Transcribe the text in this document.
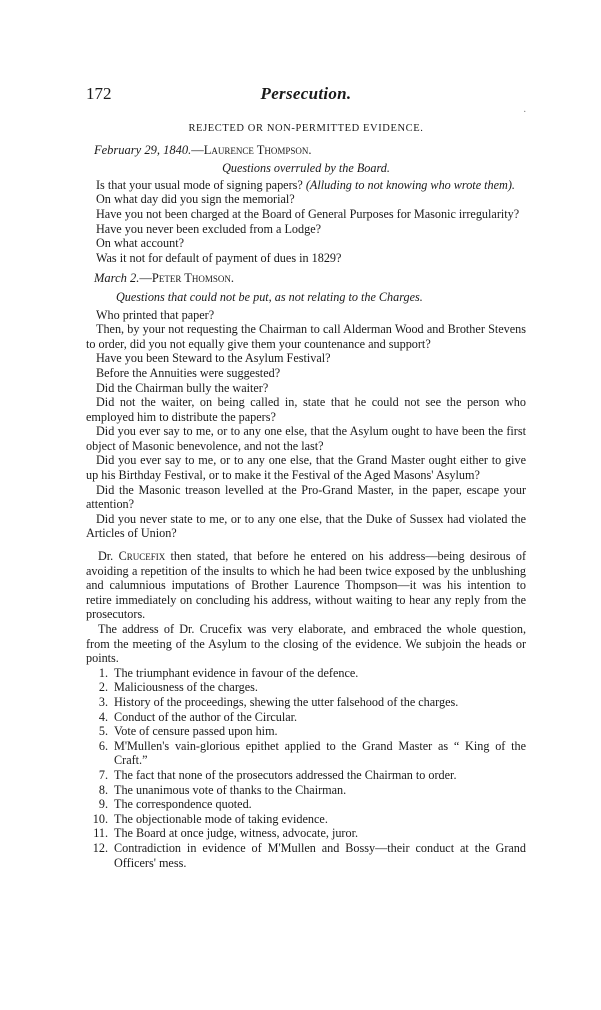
172	Persecution.
.

REJECTED OR NON-PERMITTED EVIDENCE.

February 29, 1840.—Laurence Thompson.

Questions overruled by the Board.

Is that your usual mode of signing papers? (Alluding to not knowing who wrote them).

On what day did you sign the memorial?

Have you not been charged at the Board of General Purposes for Masonic irregularity?

Have you never been excluded from a Lodge?

On what account?

Was it not for default of payment of dues in 1829?

March 2.—Peter Thomson.

Questions that could not be put, as not relating to the Charges.

Who printed that paper?

Then, by your not requesting the Chairman to call Alderman Wood and Brother Stevens to order, did you not equally give them your countenance and support?

Have you been Steward to the Asylum Festival?

Before the Annuities were suggested?

Did the Chairman bully the waiter?

Did not the waiter, on being called in, state that he could not see the person who employed him to distribute the papers?

Did you ever say to me, or to any one else, that the Asylum ought to have been the first object of Masonic benevolence, and not the last?

Did you ever say to me, or to any one else, that the Grand Master ought either to give up his Birthday Festival, or to make it the Festival of the Aged Masons' Asylum?

Did the Masonic treason levelled at the Pro-Grand Master, in the paper, escape your attention?

Did you never state to me, or to any one else, that the Duke of Sussex had violated the Articles of Union?

Dr. Crucefix then stated, that before he entered on his address—being desirous of avoiding a repetition of the insults to which he had been twice exposed by the unblushing and calumnious imputations of Brother Laurence Thompson—it was his intention to retire immediately on concluding his address, without waiting to hear any reply from the prosecutors.

The address of Dr. Crucefix was very elaborate, and embraced the whole question, from the meeting of the Asylum to the closing of the evidence. We subjoin the heads or points.

1. The triumphant evidence in favour of the defence.
2. Maliciousness of the charges.
3. History of the proceedings, shewing the utter falsehood of the charges.
4. Conduct of the author of the Circular.
5. Vote of censure passed upon him.
6. M'Mullen's vain-glorious epithet applied to the Grand Master as “ King of the Craft.”
7. The fact that none of the prosecutors addressed the Chairman to order.
8. The unanimous vote of thanks to the Chairman.
9. The correspondence quoted.
10. The objectionable mode of taking evidence.
11. The Board at once judge, witness, advocate, juror.
12. Contradiction in evidence of M'Mullen and Bossy—their conduct at the Grand Officers' mess.
